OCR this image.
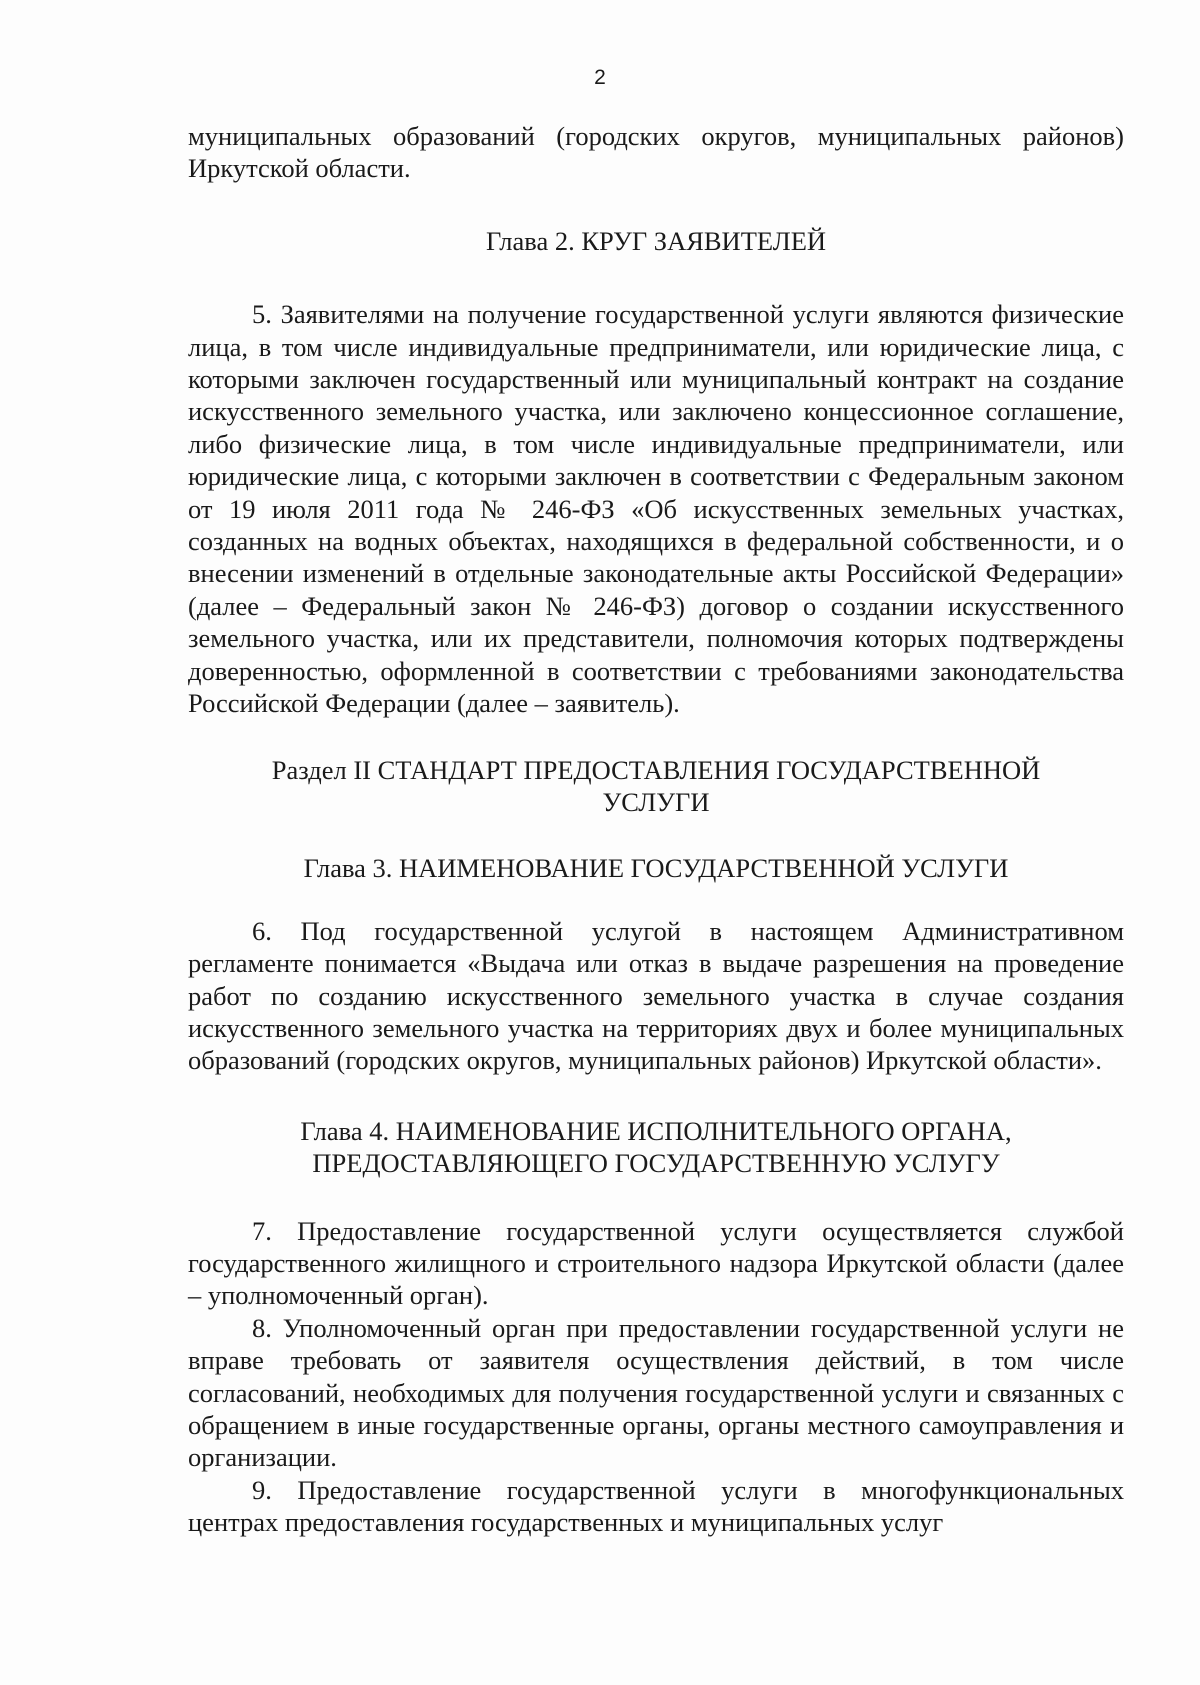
2

муниципальных образований (городских округов, муниципальных районов) Иркутской области.

Глава 2. КРУГ ЗАЯВИТЕЛЕЙ

5. Заявителями на получение государственной услуги являются физические лица, в том числе индивидуальные предприниматели, или юридические лица, с которыми заключен государственный или муниципальный контракт на создание искусственного земельного участка, или заключено концессионное соглашение, либо физические лица, в том числе индивидуальные предприниматели, или юридические лица, с которыми заключен в соответствии с Федеральным законом от 19 июля 2011 года № 246-ФЗ «Об искусственных земельных участках, созданных на водных объектах, находящихся в федеральной собственности, и о внесении изменений в отдельные законодательные акты Российской Федерации» (далее – Федеральный закон № 246-ФЗ) договор о создании искусственного земельного участка, или их представители, полномочия которых подтверждены доверенностью, оформленной в соответствии с требованиями законодательства Российской Федерации (далее – заявитель).

Раздел II СТАНДАРТ ПРЕДОСТАВЛЕНИЯ ГОСУДАРСТВЕННОЙ
УСЛУГИ
Глава 3. НАИМЕНОВАНИЕ ГОСУДАРСТВЕННОЙ УСЛУГИ

6. Под государственной услугой в настоящем Административном регламенте понимается «Выдача или отказ в выдаче разрешения на проведение работ по созданию искусственного земельного участка в случае создания искусственного земельного участка на территориях двух и более муниципальных образований (городских округов, муниципальных районов) Иркутской области».

Глава 4. НАИМЕНОВАНИЕ ИСПОЛНИТЕЛЬНОГО ОРГАНА,
ПРЕДОСТАВЛЯЮЩЕГО ГОСУДАРСТВЕННУЮ УСЛУГУ

7. Предоставление государственной услуги осуществляется службой государственного жилищного и строительного надзора Иркутской области (далее – уполномоченный орган).

8. Уполномоченный орган при предоставлении государственной услуги не вправе требовать от заявителя осуществления действий, в том числе согласований, необходимых для получения государственной услуги и связанных с обращением в иные государственные органы, органы местного самоуправления и организации.

9. Предоставление государственной услуги в многофункциональных центрах предоставления государственных и муниципальных услуг
